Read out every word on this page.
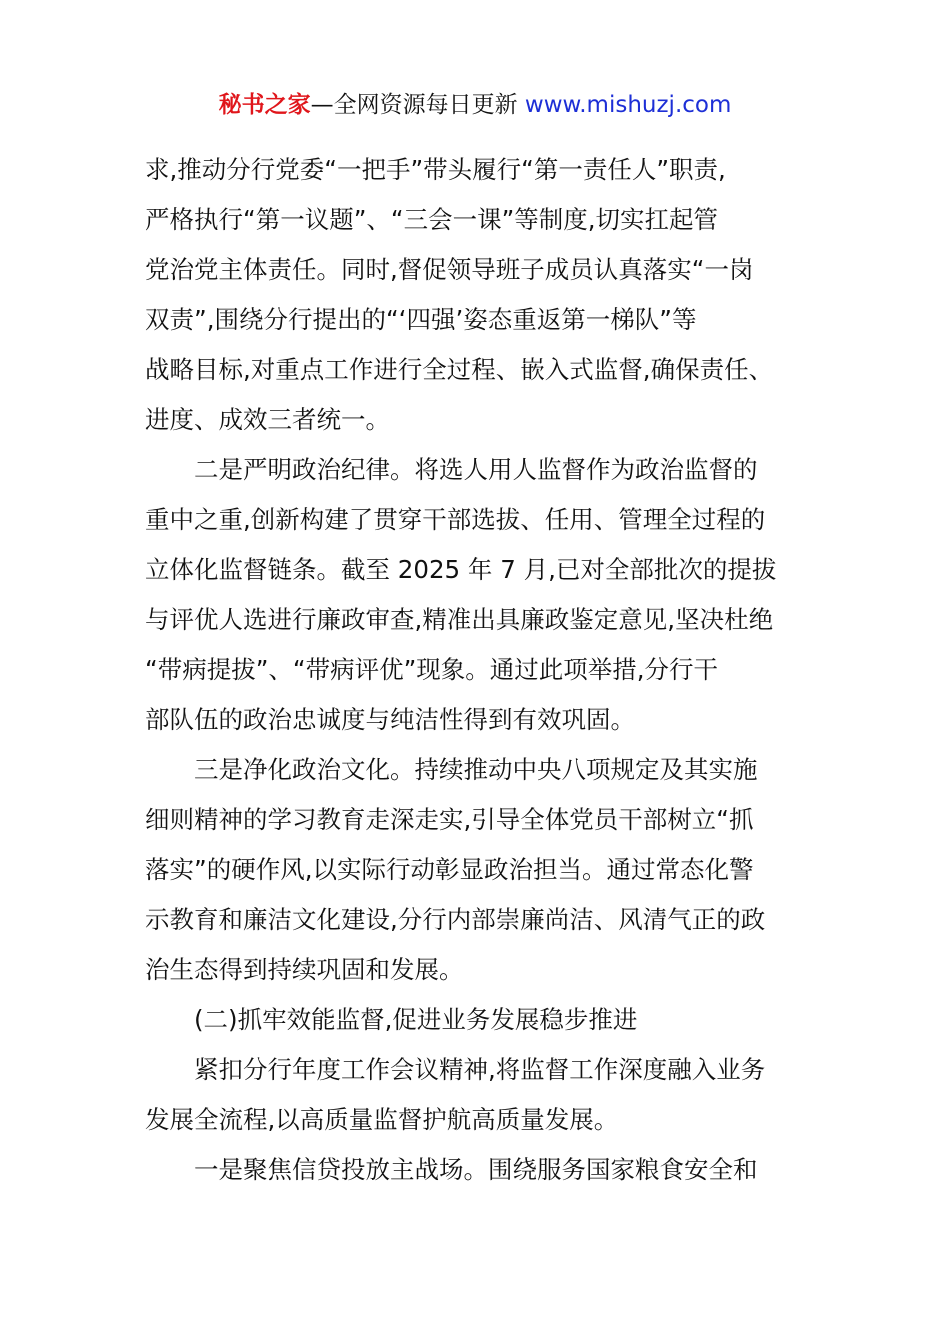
秘书之家—全网资源每日更新 www.mishuzj.com
求,推动分行党委“一把手”带头履行“第一责任人”职责,
严格执行“第一议题”、“三会一课”等制度,切实扛起管
党治党主体责任。同时,督促领导班子成员认真落实“一岗
双责”,围绕分行提出的“‘四强’姿态重返第一梯队”等
战略目标,对重点工作进行全过程、嵌入式监督,确保责任、
进度、成效三者统一。
二是严明政治纪律。将选人用人监督作为政治监督的
重中之重,创新构建了贯穿干部选拔、任用、管理全过程的
立体化监督链条。截至 2025 年 7 月,已对全部批次的提拔
与评优人选进行廉政审查,精准出具廉政鉴定意见,坚决杜绝
“带病提拔”、“带病评优”现象。通过此项举措,分行干
部队伍的政治忠诚度与纯洁性得到有效巩固。
三是净化政治文化。持续推动中央八项规定及其实施
细则精神的学习教育走深走实,引导全体党员干部树立“抓
落实”的硬作风,以实际行动彰显政治担当。通过常态化警
示教育和廉洁文化建设,分行内部崇廉尚洁、风清气正的政
治生态得到持续巩固和发展。
(二)抓牢效能监督,促进业务发展稳步推进
紧扣分行年度工作会议精神,将监督工作深度融入业务
发展全流程,以高质量监督护航高质量发展。
一是聚焦信贷投放主战场。围绕服务国家粮食安全和
